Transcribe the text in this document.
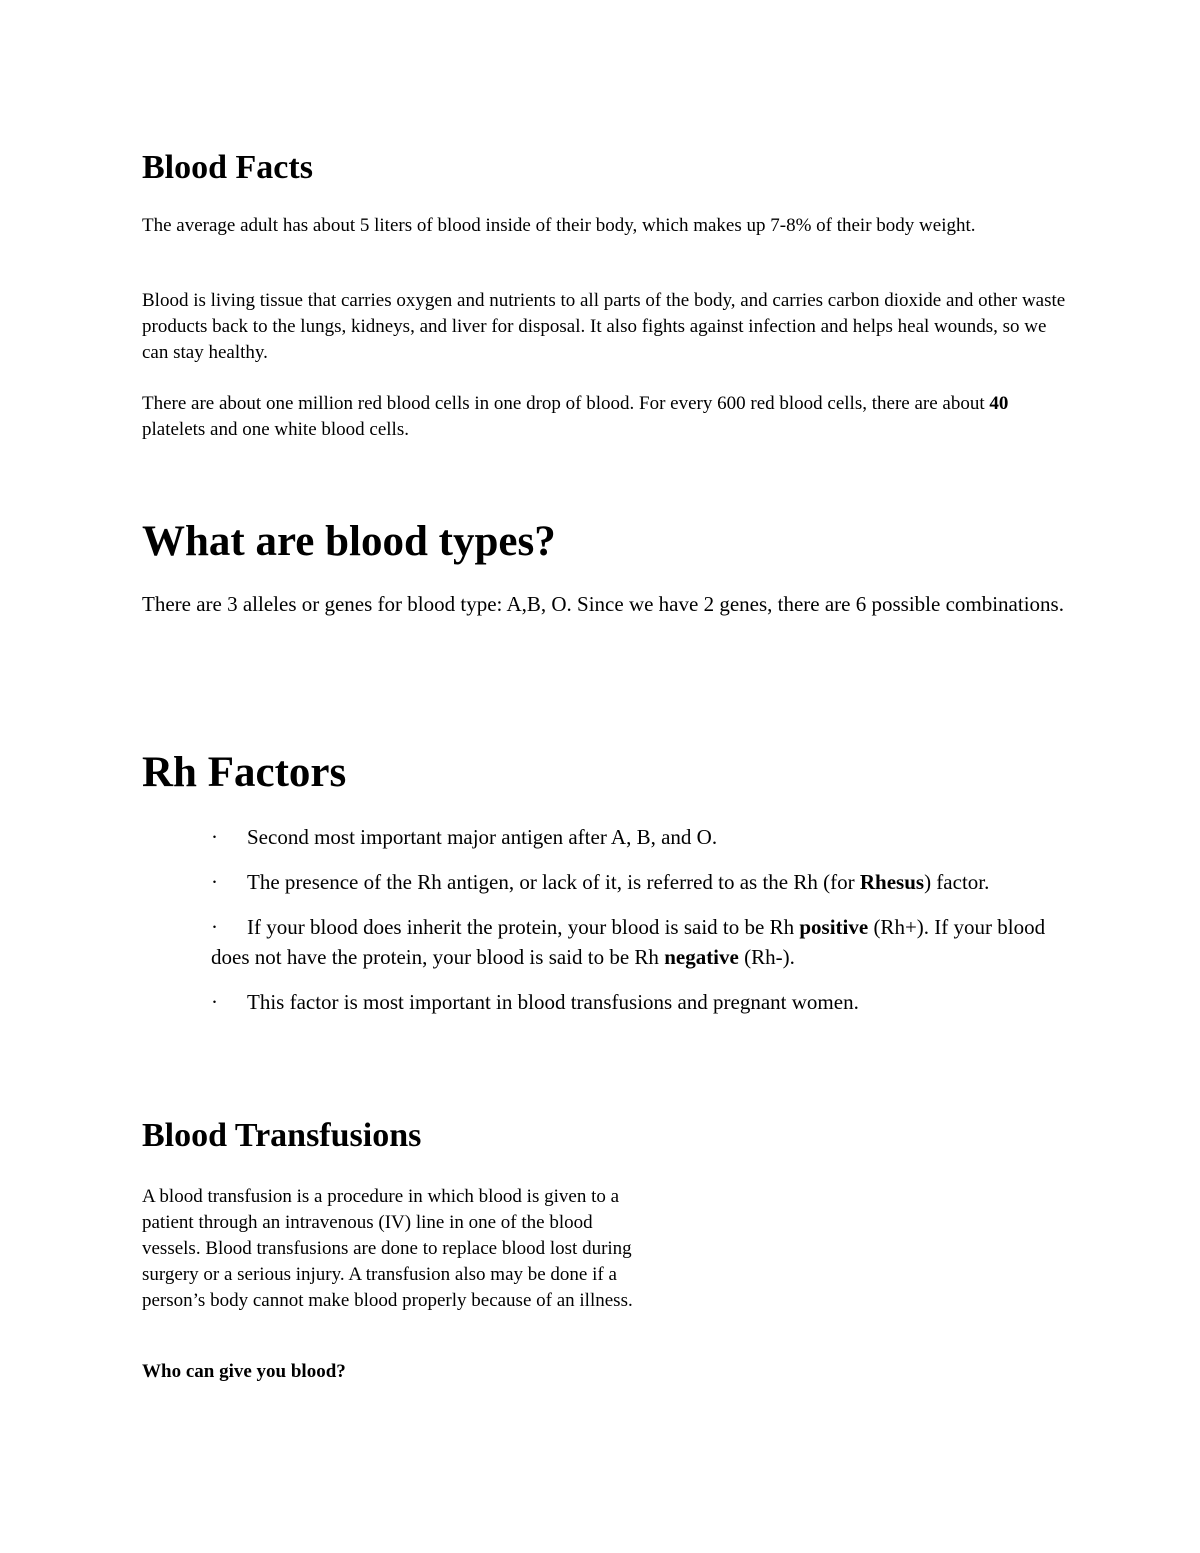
Blood Facts

The average adult has about 5 liters of blood inside of their body, which makes up 7-8% of their body weight.

Blood is living tissue that carries oxygen and nutrients to all parts of the body, and carries carbon dioxide and other waste products back to the lungs, kidneys, and liver for disposal. It also fights against infection and helps heal wounds, so we can stay healthy.

There are about one million red blood cells in one drop of blood. For every 600 red blood cells, there are about 40 platelets and one white blood cells.

What are blood types?

There are 3 alleles or genes for blood type: A,B, O. Since we have 2 genes, there are 6 possible combinations.

Rh Factors
· Second most important major antigen after A, B, and O.
· The presence of the Rh antigen, or lack of it, is referred to as the Rh (for Rhesus) factor.
· If your blood does inherit the protein, your blood is said to be Rh positive (Rh+). If your blood does not have the protein, your blood is said to be Rh negative (Rh-).
· This factor is most important in blood transfusions and pregnant women.
Blood Transfusions

A blood transfusion is a procedure in which blood is given to a patient through an intravenous (IV) line in one of the blood vessels. Blood transfusions are done to replace blood lost during surgery or a serious injury. A transfusion also may be done if a person’s body cannot make blood properly because of an illness.

Who can give you blood?
